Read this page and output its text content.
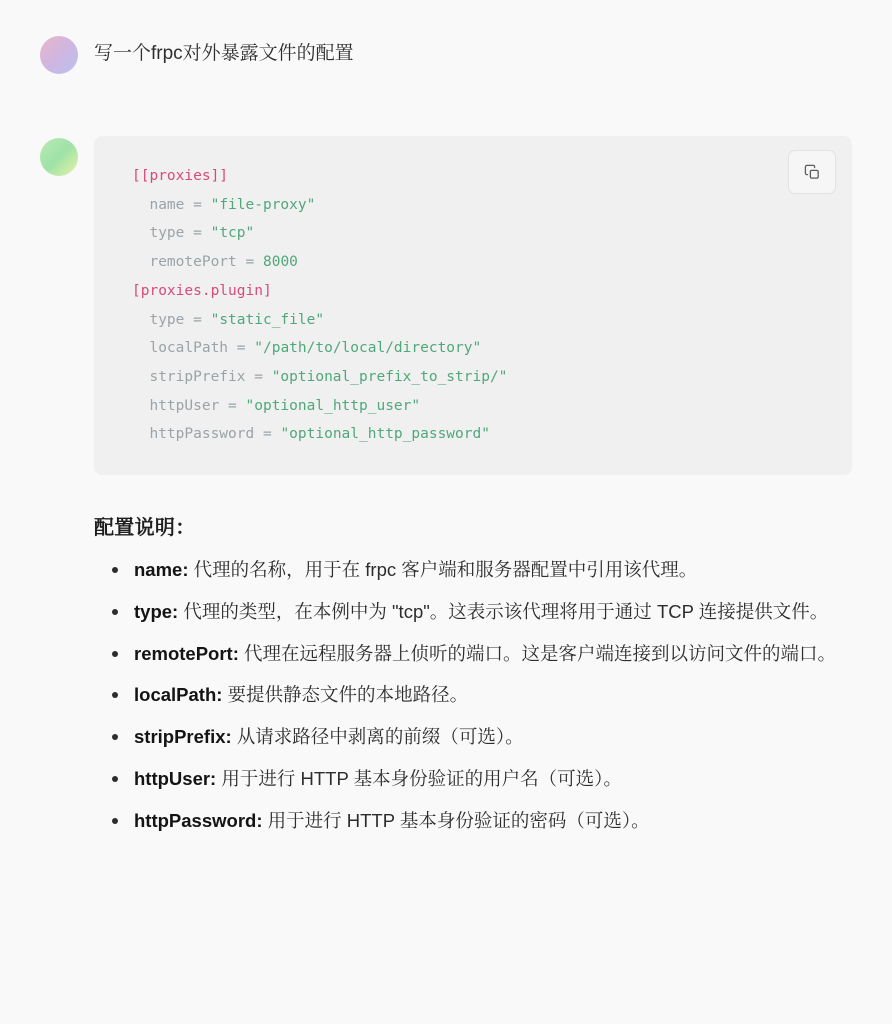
写一个frpc对外暴露文件的配置
[[proxies]]
name = "file-proxy"
type = "tcp"
remotePort = 8000
[proxies.plugin]
type = "static_file"
localPath = "/path/to/local/directory"
stripPrefix = "optional_prefix_to_strip/"
httpUser = "optional_http_user"
httpPassword = "optional_http_password"
配置说明：
name: 代理的名称，用于在 frpc 客户端和服务器配置中引用该代理。
type: 代理的类型，在本例中为 "tcp"。这表示该代理将用于通过 TCP 连接提供文件。
remotePort: 代理在远程服务器上侦听的端口。这是客户端连接到以访问文件的端口。
localPath: 要提供静态文件的本地路径。
stripPrefix: 从请求路径中剥离的前缀（可选）。
httpUser: 用于进行 HTTP 基本身份验证的用户名（可选）。
httpPassword: 用于进行 HTTP 基本身份验证的密码（可选）。
